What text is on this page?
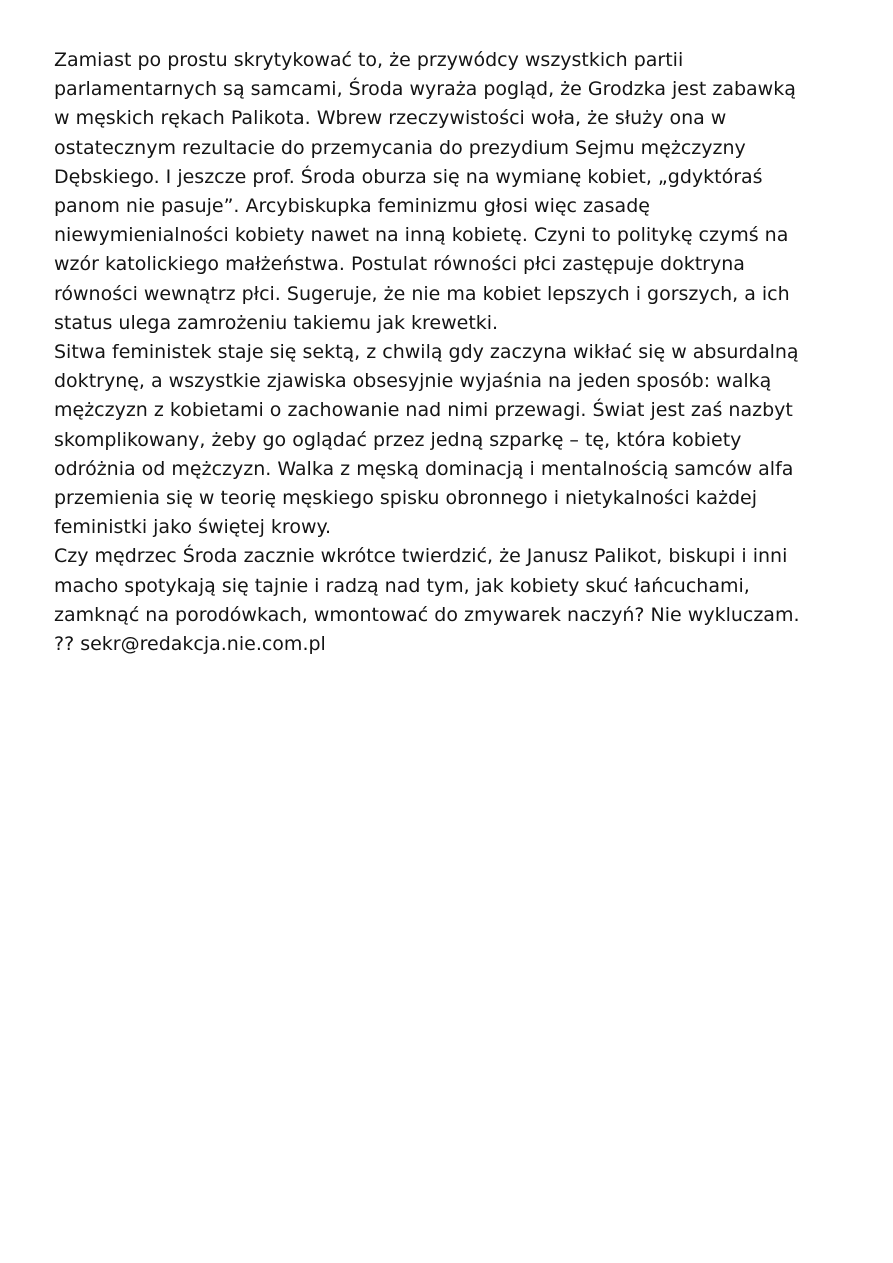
Zamiast po prostu skrytykować to, że przywódcy wszystkich partii

parlamentarnych są samcami, Środa wyraża pogląd, że Grodzka jest zabawką

w męskich rękach Palikota. Wbrew rzeczywistości woła, że służy ona w

ostatecznym rezultacie do przemycania do prezydium Sejmu mężczyzny

Dębskiego. I jeszcze prof. Środa oburza się na wymianę kobiet, „gdyktóraś

panom nie pasuje”. Arcybiskupka feminizmu głosi więc zasadę

niewymienialności kobiety nawet na inną kobietę. Czyni to politykę czymś na

wzór katolickiego małżeństwa. Postulat równości płci zastępuje doktryna

równości wewnątrz płci. Sugeruje, że nie ma kobiet lepszych i gorszych, a ich

status ulega zamrożeniu takiemu jak krewetki.

Sitwa feministek staje się sektą, z chwilą gdy zaczyna wikłać się w absurdalną

doktrynę, a wszystkie zjawiska obsesyjnie wyjaśnia na jeden sposób: walką

mężczyzn z kobietami o zachowanie nad nimi przewagi. Świat jest zaś nazbyt

skomplikowany, żeby go oglądać przez jedną szparkę – tę, która kobiety

odróżnia od mężczyzn. Walka z męską dominacją i mentalnością samców alfa

przemienia się w teorię męskiego spisku obronnego i nietykalności każdej

feministki jako świętej krowy.

Czy mędrzec Środa zacznie wkrótce twierdzić, że Janusz Palikot, biskupi i inni

macho spotykają się tajnie i radzą nad tym, jak kobiety skuć łańcuchami,

zamknąć na porodówkach, wmontować do zmywarek naczyń? Nie wykluczam.

?? sekr@redakcja.nie.com.pl
